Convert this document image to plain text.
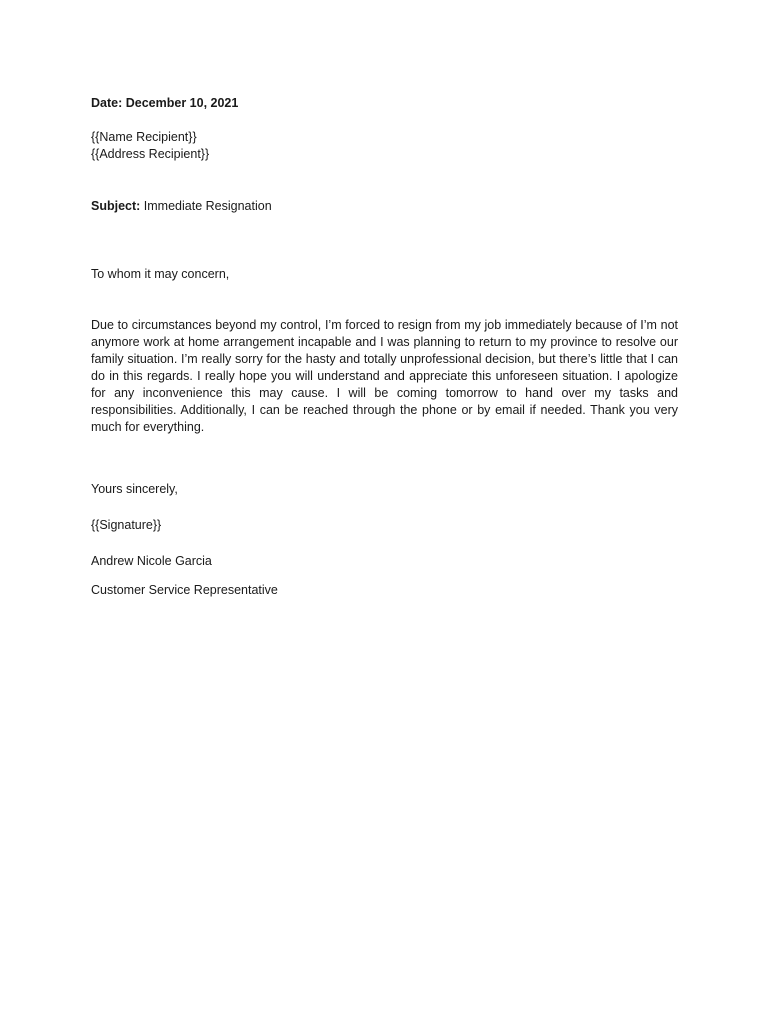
Date: December 10, 2021
{{Name Recipient}}
{{Address Recipient}}
Subject: Immediate Resignation
To whom it may concern,

Due to circumstances beyond my control, I’m forced to resign from my job immediately because of I’m not anymore work at home arrangement incapable and I was planning to return to my province to resolve our family situation. I’m really sorry for the hasty and totally unprofessional decision, but there’s little that I can do in this regards. I really hope you will understand and appreciate this unforeseen situation. I apologize for any inconvenience this may cause. I will be coming tomorrow to hand over my tasks and responsibilities. Additionally, I can be reached through the phone or by email if needed. Thank you very much for everything.

Yours sincerely,
{{Signature}}
Andrew Nicole Garcia
Customer Service Representative
